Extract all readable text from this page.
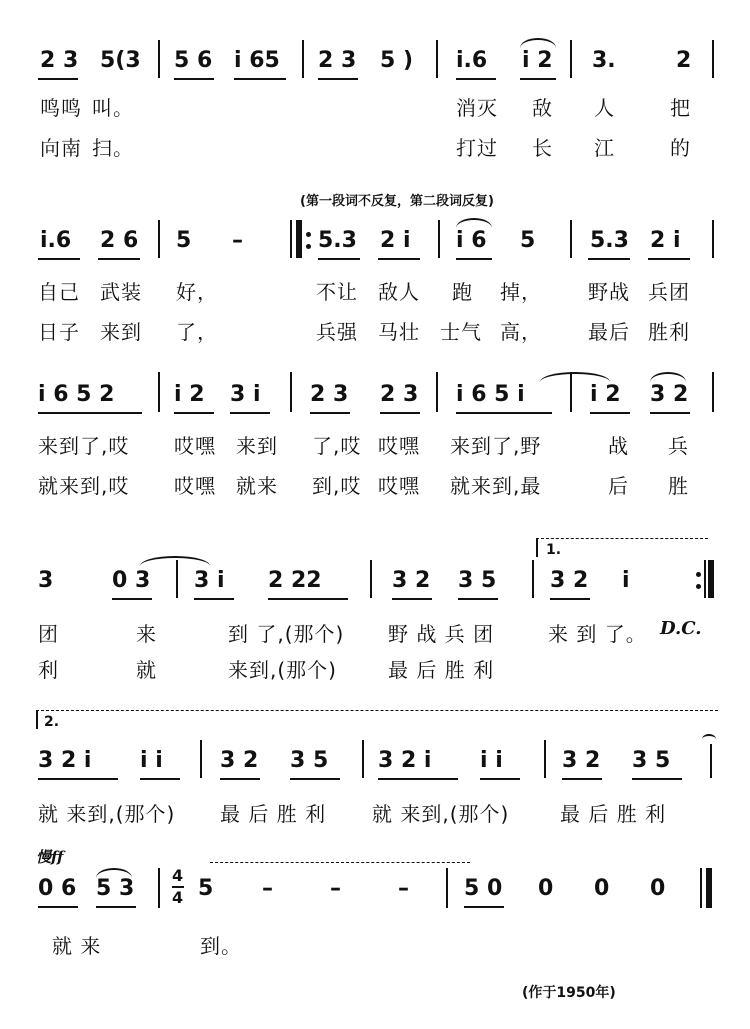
2 3 5(3 5 6 i 65 2 3 5 ) i.6 i 2 3.	2
鸣鸣 叫。	消灭 敌 人	把
向南 扫。	打过 长 江	的
(第一段词不反复，第二段词反复)
i.6 2 6 5 –	5.3 2 i i 6 5 5.3 2 i
自己 武装 好，	不让 敌人 跑 掉， 野战 兵团
日子 来到 了，	兵强 马壮 士气 高， 最后 胜利
i 6 5 2	i 2 3 i 2 3 2 3 i 6 5 i	i 2 3 2
来到了,哎 哎嘿 来到 了,哎 哎嘿 来到了,野	战 兵
就来到,哎 哎嘿 就来 到,哎 哎嘿 就来到,最	后 胜
1.
3	0 3 3 i 2 22	3 2 3 5 3 2 i
团	来	到 了,(那个) 野 战 兵 团	来 到 了。 D.C.
利	就	来到,(那个)	最 后 胜 利
2.
3 2 i i i	3 2 3 5 3 2 i i i	3 2 3 5
就 来到,(那个) 最 后 胜 利 就 来到,(那个)	最 后 胜 利
慢ff
0 6 5 3
4
4 5 –	–	–	5 0 0 0 0
就 来	到。
(作于1950年)
